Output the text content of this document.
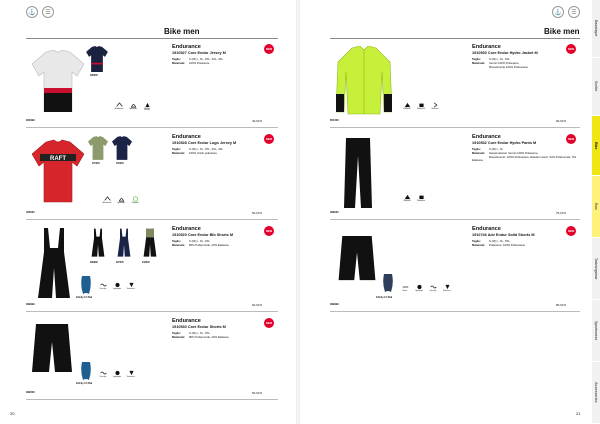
⚓	☰
Bike men
396000
Endurance
1910527 Core Endur Jersey M
Taglie:	S (M) L, XL, XXL, 3XL, 4XL
Materiale: 100% Poliestere
NEW
Aerodinamic	Lightweight	Moisture wicking
900999	40,00 €
RAFT
470000	783000
Endurance
1910528 Core Endur Logo Jersey M
Taglie:	S (M) L, XL, XXL, 3XL, 4XL
Materiale: 100% riciclo poliestere
NEW
Aerodinamic	Lightweight	Recycled
465000	50,00 €
999999	397000	643000
Infinity 3.0 Pad
Quick dry	Lightweight	Endurance
Endurance
1910529 Core Endur Bib Shorts M
Taglie:	S (M) L, XL, XXL
Materiale: 80% Poliammide, 20% Elastane
NEW
999999	60,00 €
Infinity 3.0 Pad
Quick dry	Lightweight	Endurance
Endurance
1910530 Core Endur Shorts M
Taglie:	S (M) L, XL, XXL
Materiale: 80% Poliammide, 20% Elastane
NEW
999000	50,00 €
20
⚓	☰
Bike men
Endurance
1910530 Core Endur Hydro Jacket M
Taglie:	S (M) L, XL, XXL
Materiale: Vernici 100% Poliestere,
Rivestimento 100% Poliuretano
NEW
Windproof	Waterproof	Reflective
851000	90,00 €
Endurance
1910532 Core Endur Hydro Pants M
Taglie:	S (M) L, XL
Materiale: Hauptmaterial: Vernici 100% Poliestere,
Rivestimento: 100% Poliuretano, Elastan inserti: 94% Poliammide, 6% Elastane
NEW
Windproof	Waterproof
999000	75,00 €
Infinity 3.0 Pad
Elastic	Lightweight	Quick dry	Endurance
Endurance
1910746 Adv Endur Solid Shorts M
Taglie:	S (M) L, XL, XXL
Materiale: Poliestere: 100% Poliuretano
NEW
999999	80,00 €
21
Baselayer
Scelte
Bike
Run
Trainingwear
Sportswear
Accessories
